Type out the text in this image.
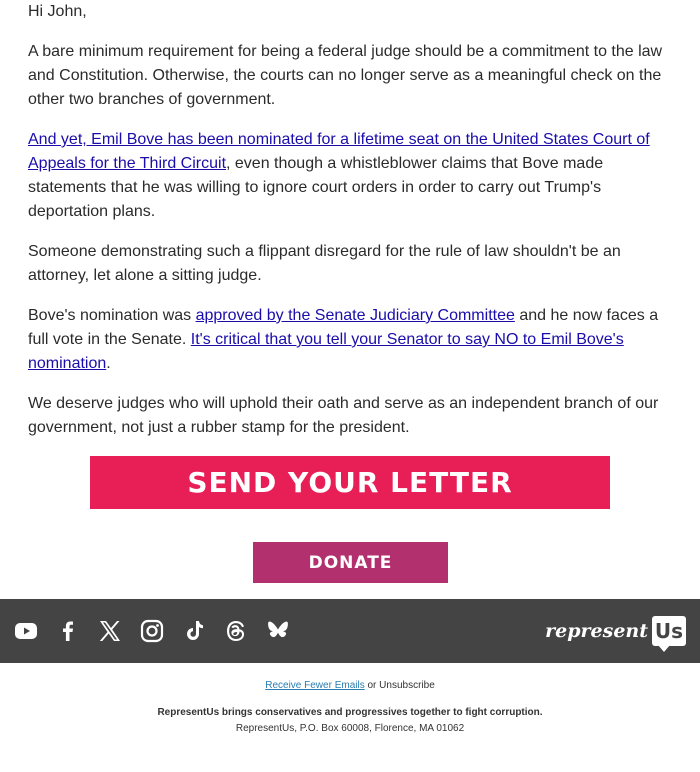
Hi John,

A bare minimum requirement for being a federal judge should be a commitment to the law and Constitution. Otherwise, the courts can no longer serve as a meaningful check on the other two branches of government.

And yet, Emil Bove has been nominated for a lifetime seat on the United States Court of Appeals for the Third Circuit, even though a whistleblower claims that Bove made statements that he was willing to ignore court orders in order to carry out Trump's deportation plans.

Someone demonstrating such a flippant disregard for the rule of law shouldn't be an attorney, let alone a sitting judge.

Bove's nomination was approved by the Senate Judiciary Committee and he now faces a full vote in the Senate. It's critical that you tell your Senator to say NO to Emil Bove's nomination.

We deserve judges who will uphold their oath and serve as an independent branch of our government, not just a rubber stamp for the president.

SEND YOUR LETTER
DONATE
represent Us
Receive Fewer Emails or Unsubscribe
RepresentUs brings conservatives and progressives together to fight corruption.
RepresentUs, P.O. Box 60008, Florence, MA 01062
